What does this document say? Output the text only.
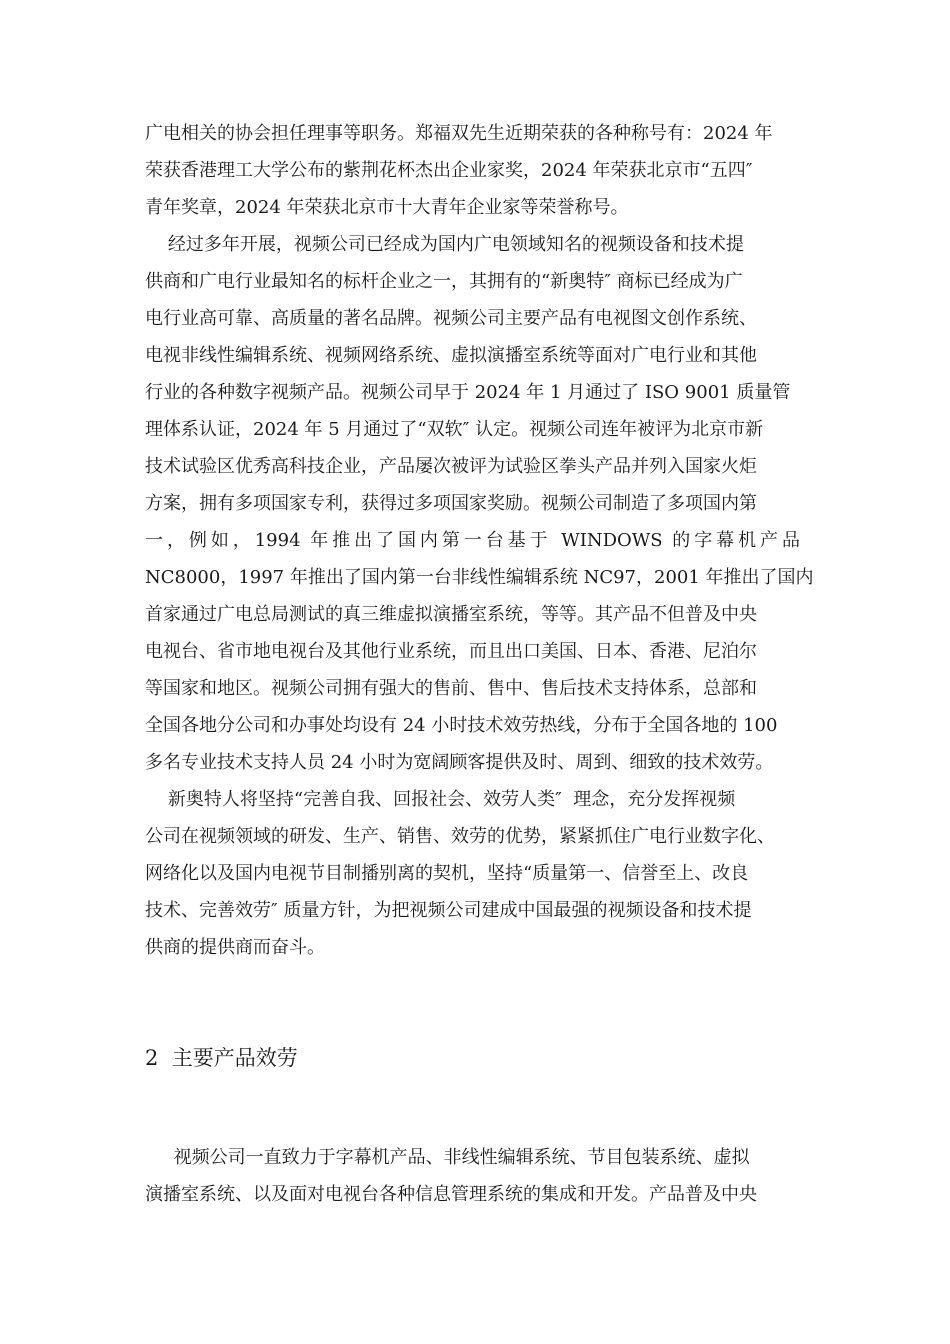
广电相关的协会担任理事等职务。郑福双先生近期荣获的各种称号有：2024 年
荣获香港理工大学公布的紫荆花杯杰出企业家奖，2024 年荣获北京市“五四″
青年奖章，2024 年荣获北京市十大青年企业家等荣誉称号。
经过多年开展，视频公司已经成为国内广电领域知名的视频设备和技术提
供商和广电行业最知名的标杆企业之一，其拥有的“新奥特″ 商标已经成为广
电行业高可靠、高质量的著名品牌。视频公司主要产品有电视图文创作系统、
电视非线性编辑系统、视频网络系统、虚拟演播室系统等面对广电行业和其他
行业的各种数字视频产品。视频公司早于 2024 年 1 月通过了 ISO 9001 质量管
理体系认证，2024 年 5 月通过了“双软″ 认定。视频公司连年被评为北京市新
技术试验区优秀高科技企业，产品屡次被评为试验区拳头产品并列入国家火炬
方案，拥有多项国家专利，获得过多项国家奖励。视频公司制造了多项国内第
一，例如，1994 年推出了国内第一台基于 WINDOWS 的字幕机产品
NC8000，1997 年推出了国内第一台非线性编辑系统 NC97，2001 年推出了国内
首家通过广电总局测试的真三维虚拟演播室系统，等等。其产品不但普及中央
电视台、省市地电视台及其他行业系统，而且出口美国、日本、香港、尼泊尔
等国家和地区。视频公司拥有强大的售前、售中、售后技术支持体系，总部和
全国各地分公司和办事处均设有 24 小时技术效劳热线，分布于全国各地的 100
多名专业技术支持人员 24 小时为宽阔顾客提供及时、周到、细致的技术效劳。
新奥特人将坚持“完善自我、回报社会、效劳人类″  理念，充分发挥视频
公司在视频领域的研发、生产、销售、效劳的优势，紧紧抓住广电行业数字化、
网络化以及国内电视节目制播别离的契机，坚持“质量第一、信誉至上、改良
技术、完善效劳″ 质量方针，为把视频公司建成中国最强的视频设备和技术提
供商的提供商而奋斗。
2  主要产品效劳
视频公司一直致力于字幕机产品、非线性编辑系统、节目包装系统、虚拟
演播室系统、以及面对电视台各种信息管理系统的集成和开发。产品普及中央
